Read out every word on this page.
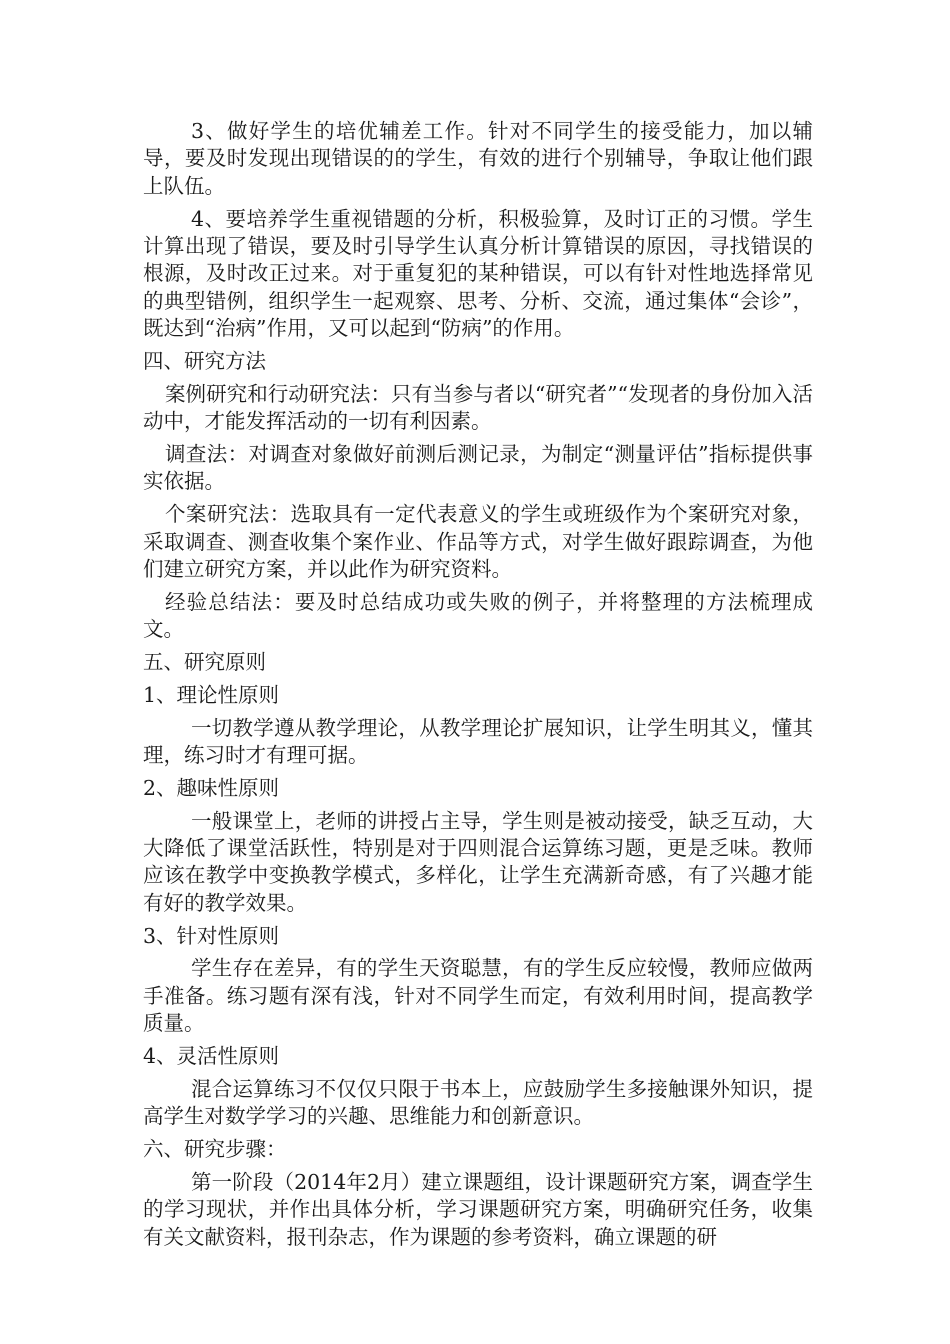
3、做好学生的培优辅差工作。针对不同学生的接受能力，加以辅导，要及时发现出现错误的的学生，有效的进行个别辅导，争取让他们跟上队伍。

4、要培养学生重视错题的分析，积极验算，及时订正的习惯。学生计算出现了错误，要及时引导学生认真分析计算错误的原因，寻找错误的根源，及时改正过来。对于重复犯的某种错误，可以有针对性地选择常见的典型错例，组织学生一起观察、思考、分析、交流，通过集体“会诊”，既达到“治病”作用，又可以起到“防病”的作用。

四、研究方法

案例研究和行动研究法：只有当参与者以“研究者”“发现者的身份加入活动中，才能发挥活动的一切有利因素。

调查法：对调查对象做好前测后测记录，为制定“测量评估”指标提供事实依据。

个案研究法：选取具有一定代表意义的学生或班级作为个案研究对象，采取调查、测查收集个案作业、作品等方式，对学生做好跟踪调查，为他们建立研究方案，并以此作为研究资料。

经验总结法：要及时总结成功或失败的例子，并将整理的方法梳理成文。

五、研究原则

1、理论性原则

一切教学遵从教学理论，从教学理论扩展知识，让学生明其义，懂其理，练习时才有理可据。

2、趣味性原则

一般课堂上，老师的讲授占主导，学生则是被动接受，缺乏互动，大大降低了课堂活跃性，特别是对于四则混合运算练习题，更是乏味。教师应该在教学中变换教学模式，多样化，让学生充满新奇感，有了兴趣才能有好的教学效果。

3、针对性原则

学生存在差异，有的学生天资聪慧，有的学生反应较慢，教师应做两手准备。练习题有深有浅，针对不同学生而定，有效利用时间，提高教学质量。

4、灵活性原则

混合运算练习不仅仅只限于书本上，应鼓励学生多接触课外知识，提高学生对数学学习的兴趣、思维能力和创新意识。

六、研究步骤：

第一阶段（2014年2月）建立课题组，设计课题研究方案，调查学生的学习现状，并作出具体分析，学习课题研究方案，明确研究任务，收集有关文献资料，报刊杂志，作为课题的参考资料，确立课题的研
